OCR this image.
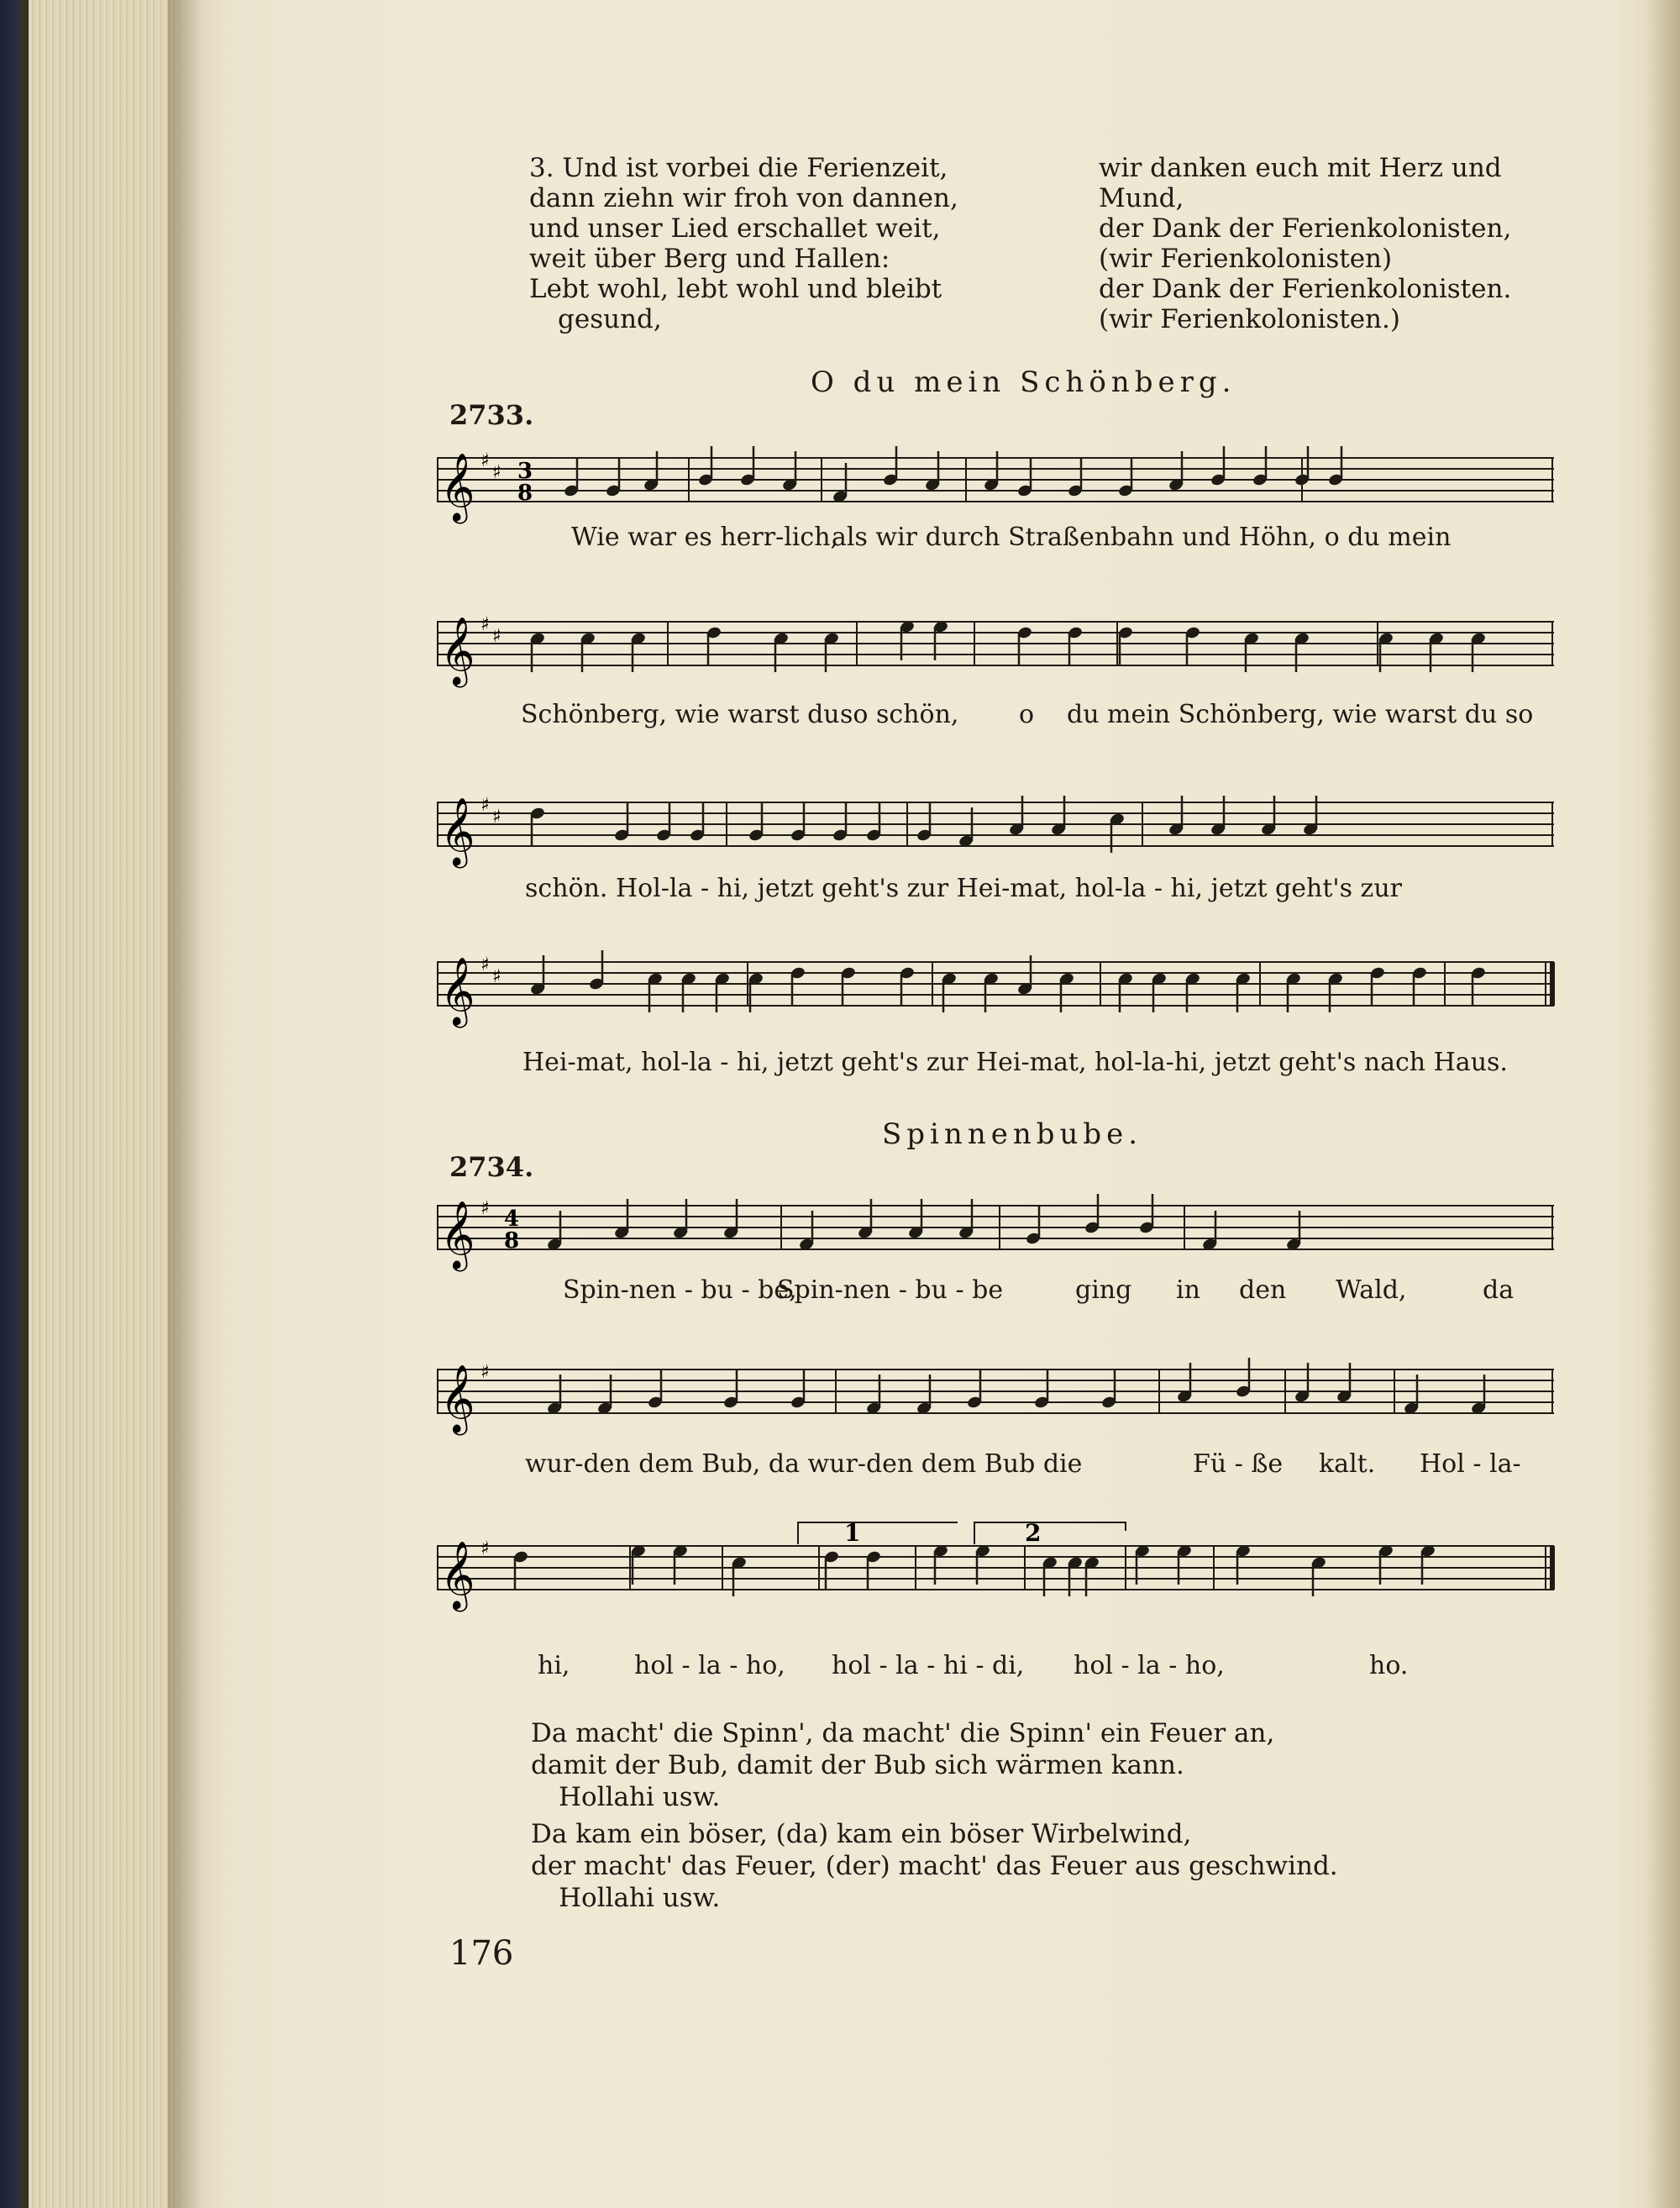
3. Und ist vorbei die Ferienzeit,
dann ziehn wir froh von dannen,
und unser Lied erschallet weit,
weit über Berg und Hallen:
Lebt wohl, lebt wohl und bleibt
gesund,
wir danken euch mit Herz und
Mund,
der Dank der Ferienkolonisten,
(wir Ferienkolonisten)
der Dank der Ferienkolonisten.
(wir Ferienkolonisten.)
O du mein Schönberg.
2733.
𝄞 ♯
♯ 3
8
Wie war es herr-lich,
als wir durch Straßenbahn und Höhn, o du mein
𝄞 ♯
♯
Schönberg, wie warst du so schön, o du mein Schönberg, wie warst du so
𝄞 ♯
♯
schön. Hol-la - hi, jetzt geht's zur Hei-mat, hol-la - hi, jetzt geht's zur
𝄞 ♯
♯
Hei-mat, hol-la - hi, jetzt geht's zur Hei-mat, hol-la-hi, jetzt geht's nach Haus.
Spinnenbube.
2734.
𝄞 ♯ 4
8
Spin-nen - bu - be,
Spin-nen - bu - be	ging in den Wald,	da
𝄞 ♯
wur-den dem Bub, da wur-den dem Bub die	Fü - ße kalt. Hol - la-
𝄞 ♯
1	2
hi,	hol - la - ho, hol - la - hi - di, hol - la - ho,	ho.
Da macht' die Spinn', da macht' die Spinn' ein Feuer an,
damit der Bub, damit der Bub sich wärmen kann.
Hollahi usw.
Da kam ein böser, (da) kam ein böser Wirbelwind,
der macht' das Feuer, (der) macht' das Feuer aus geschwind.
Hollahi usw.
176
